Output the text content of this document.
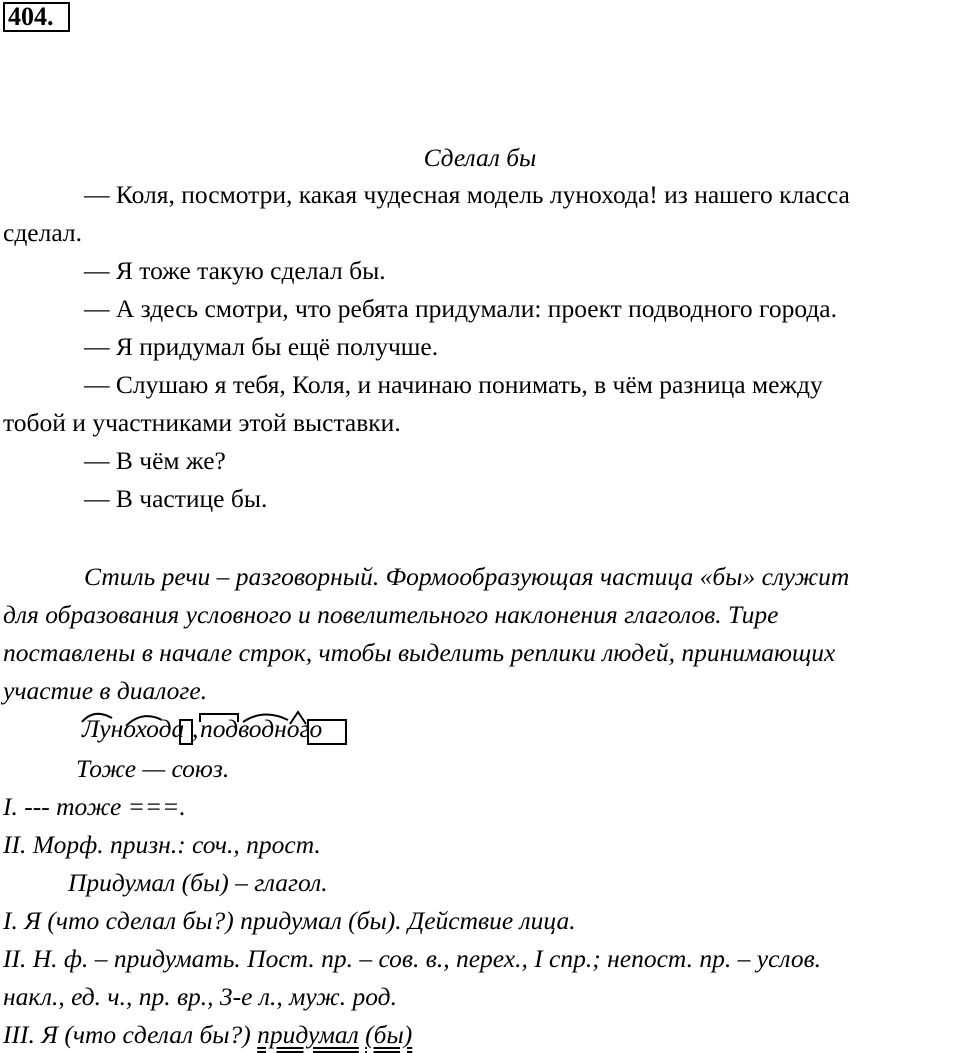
404.
Сделал бы
— Коля, посмотри, какая чудесная модель лунохода! из нашего класса
сделал.
— Я тоже такую сделал бы.
— А здесь смотри, что ребята придумали: проект подводного города.
— Я придумал бы ещё получше.
— Слушаю я тебя, Коля, и начинаю понимать, в чём разница между
тобой и участниками этой выставки.
— В чём же?
— В частице бы.
Стиль речи – разговорный. Формообразующая частица «бы» служит
для образования условного и повелительного наклонения глаголов. Тире
поставлены в начале строк, чтобы выделить реплики людей, принимающих
участие в диалоге.
Лунохода , подводного
Тоже — союз.
I. --- тоже ===.
II. Морф. призн.: соч., прост.
Придумал (бы) – глагол.
I. Я (что сделал бы?) придумал (бы). Действие лица.
II. Н. ф. – придумать. Пост. пр. – сов. в., перех., I спр.; непост. пр. – услов.
накл., ед. ч., пр. вр., 3-е л., муж. род.
III. Я (что сделал бы?) придумал (бы)
